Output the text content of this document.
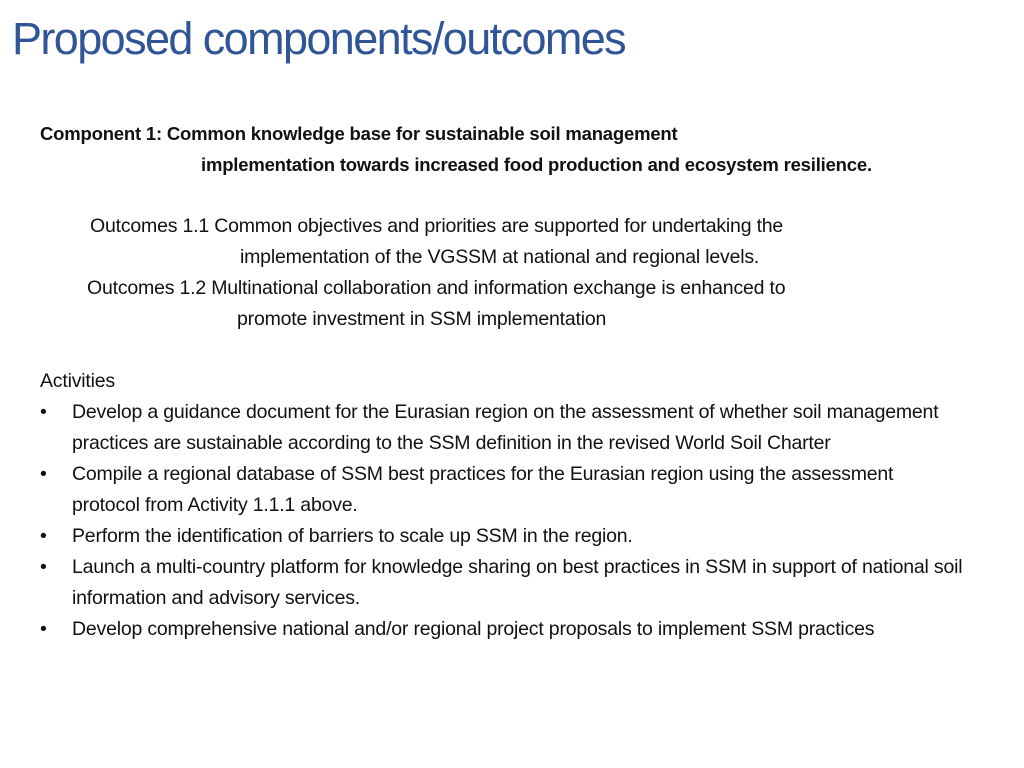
Proposed components/outcomes
Component 1: Common knowledge base for sustainable soil management
implementation towards increased food production and ecosystem resilience.
Outcomes 1.1 Common objectives and priorities are supported for undertaking the
implementation of the VGSSM at national and regional levels.
Outcomes 1.2 Multinational collaboration and information exchange is enhanced to
promote investment in SSM implementation
Activities
• Develop a guidance document for the Eurasian region on the assessment of whether soil management practices are sustainable according to the SSM definition in the revised World Soil Charter
• Compile a regional database of SSM best practices for the Eurasian region using the assessment protocol from Activity 1.1.1 above.
• Perform the identification of barriers to scale up SSM in the region.
• Launch a multi-country platform for knowledge sharing on best practices in SSM in support of national soil information and advisory services.
• Develop comprehensive national and/or regional project proposals to implement SSM practices
